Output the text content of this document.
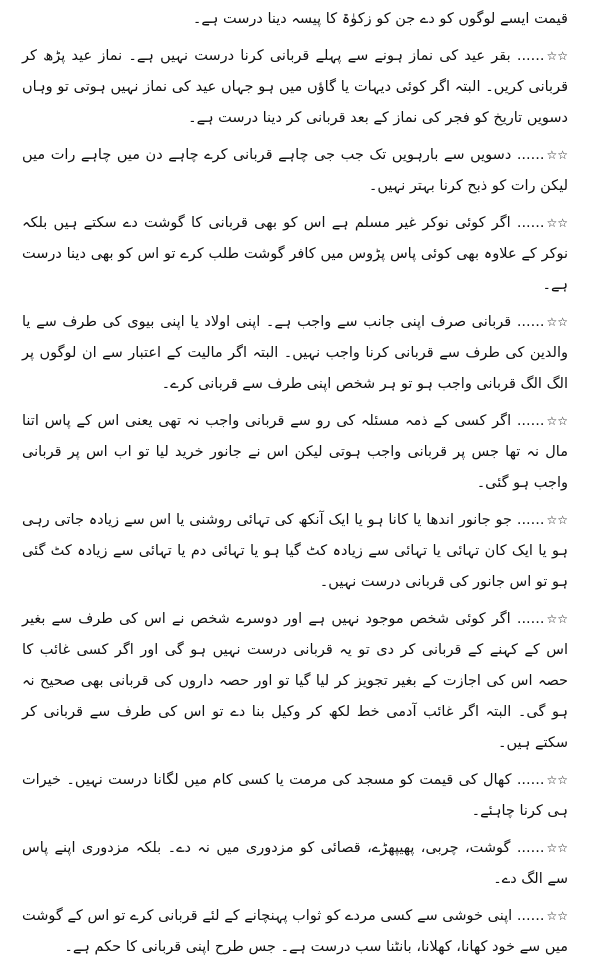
قیمت ایسے لوگوں کو دے جن کو زکوٰۃ کا پیسہ دینا درست ہے۔

☆☆...... بقر عید کی نماز ہونے سے پہلے قربانی کرنا درست نہیں ہے۔ نماز عید پڑھ کر قربانی کریں۔ البتہ اگر کوئی دیہات یا گاؤں میں ہو جہاں عید کی نماز نہیں ہوتی تو وہاں دسویں تاریخ کو فجر کی نماز کے بعد قربانی کر دینا درست ہے۔

☆☆...... دسویں سے بارہویں تک جب جی چاہے قربانی کرے چاہے دن میں چاہے رات میں لیکن رات کو ذبح کرنا بہتر نہیں۔

☆☆...... اگر کوئی نوکر غیر مسلم ہے اس کو بھی قربانی کا گوشت دے سکتے ہیں بلکہ نوکر کے علاوہ بھی کوئی پاس پڑوس میں کافر گوشت طلب کرے تو اس کو بھی دینا درست ہے۔

☆☆...... قربانی صرف اپنی جانب سے واجب ہے۔ اپنی اولاد یا اپنی بیوی کی طرف سے یا والدین کی طرف سے قربانی کرنا واجب نہیں۔ البتہ اگر مالیت کے اعتبار سے ان لوگوں پر الگ الگ قربانی واجب ہو تو ہر شخص اپنی طرف سے قربانی کرے۔

☆☆...... اگر کسی کے ذمہ مسئلہ کی رو سے قربانی واجب نہ تھی یعنی اس کے پاس اتنا مال نہ تھا جس پر قربانی واجب ہوتی لیکن اس نے جانور خرید لیا تو اب اس پر قربانی واجب ہو گئی۔

☆☆...... جو جانور اندھا یا کانا ہو یا ایک آنکھ کی تہائی روشنی یا اس سے زیادہ جاتی رہی ہو یا ایک کان تہائی یا تہائی سے زیادہ کٹ گیا ہو یا تہائی دم یا تہائی سے زیادہ کٹ گئی ہو تو اس جانور کی قربانی درست نہیں۔

☆☆...... اگر کوئی شخص موجود نہیں ہے اور دوسرے شخص نے اس کی طرف سے بغیر اس کے کہنے کے قربانی کر دی تو یہ قربانی درست نہیں ہو گی اور اگر کسی غائب کا حصہ اس کی اجازت کے بغیر تجویز کر لیا گیا تو اور حصہ داروں کی قربانی بھی صحیح نہ ہو گی۔ البتہ اگر غائب آدمی خط لکھ کر وکیل بنا دے تو اس کی طرف سے قربانی کر سکتے ہیں۔

☆☆...... کھال کی قیمت کو مسجد کی مرمت یا کسی کام میں لگانا درست نہیں۔ خیرات ہی کرنا چاہئے۔

☆☆...... گوشت، چربی، پھیپھڑے، قصائی کو مزدوری میں نہ دے۔ بلکہ مزدوری اپنے پاس سے الگ دے۔

☆☆...... اپنی خوشی سے کسی مردے کو ثواب پہنچانے کے لئے قربانی کرے تو اس کے گوشت میں سے خود کھانا، کھلانا، بانٹنا سب درست ہے۔ جس طرح اپنی قربانی کا حکم ہے۔
